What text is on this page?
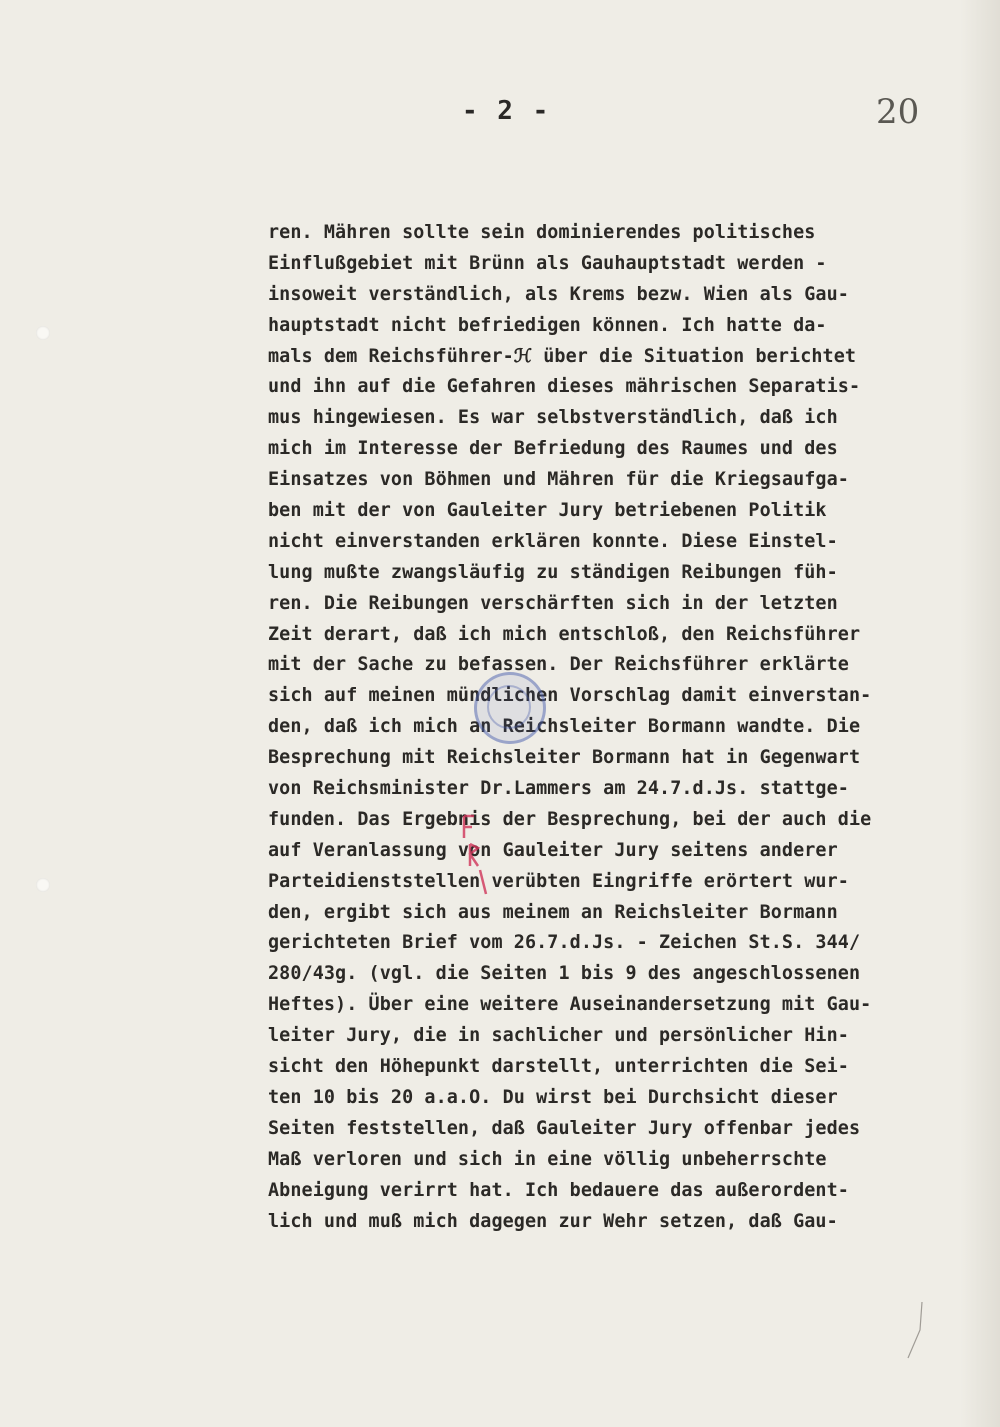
- 2 -	20
ren. Mähren sollte sein dominierendes politisches
Einflußgebiet mit Brünn als Gauhauptstadt werden -
insoweit verständlich, als Krems bezw. Wien als Gau-
hauptstadt nicht befriedigen können. Ich hatte da-
mals dem Reichsführer-ℋ über die Situation berichtet
und ihn auf die Gefahren dieses mährischen Separatis-
mus hingewiesen. Es war selbstverständlich, daß ich
mich im Interesse der Befriedung des Raumes und des
Einsatzes von Böhmen und Mähren für die Kriegsaufga-
ben mit der von Gauleiter Jury betriebenen Politik
nicht einverstanden erklären konnte. Diese Einstel-
lung mußte zwangsläufig zu ständigen Reibungen füh-
ren. Die Reibungen verschärften sich in der letzten
Zeit derart, daß ich mich entschloß, den Reichsführer
mit der Sache zu befassen. Der Reichsführer erklärte
sich auf meinen mündlichen Vorschlag damit einverstan-
den, daß ich mich an Reichsleiter Bormann wandte. Die
Besprechung mit Reichsleiter Bormann hat in Gegenwart
von Reichsminister Dr.Lammers am 24.7.d.Js. stattge-
funden. Das Ergebnis der Besprechung, bei der auch die
auf Veranlassung von Gauleiter Jury seitens anderer
Parteidienststellen verübten Eingriffe erörtert wur-
den, ergibt sich aus meinem an Reichsleiter Bormann
gerichteten Brief vom 26.7.d.Js. - Zeichen St.S. 344/
280/43g. (vgl. die Seiten 1 bis 9 des angeschlossenen
Heftes). Über eine weitere Auseinandersetzung mit Gau-
leiter Jury, die in sachlicher und persönlicher Hin-
sicht den Höhepunkt darstellt, unterrichten die Sei-
ten 10 bis 20 a.a.O. Du wirst bei Durchsicht dieser
Seiten feststellen, daß Gauleiter Jury offenbar jedes
Maß verloren und sich in eine völlig unbeherrschte
Abneigung verirrt hat. Ich bedauere das außerordent-
lich und muß mich dagegen zur Wehr setzen, daß Gau-
